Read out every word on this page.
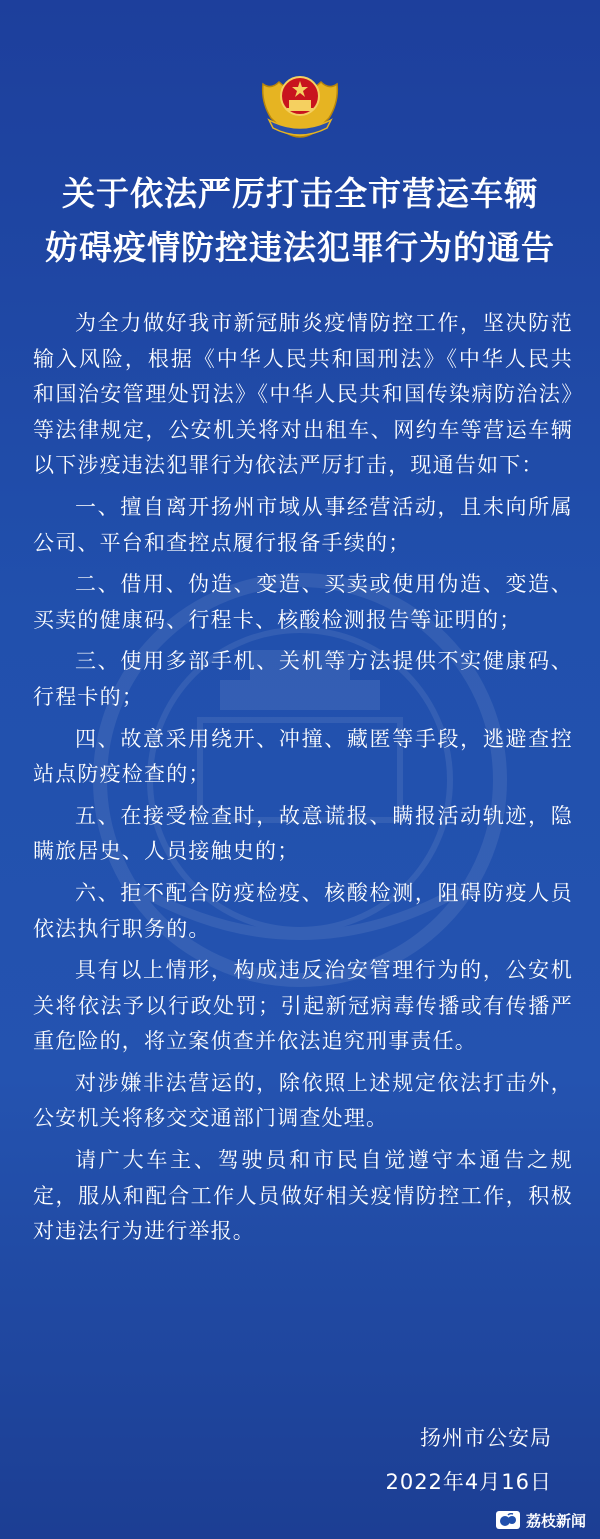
关于依法严厉打击全市营运车辆
妨碍疫情防控违法犯罪行为的通告

为全力做好我市新冠肺炎疫情防控工作，坚决防范输入风险，根据《中华人民共和国刑法》《中华人民共和国治安管理处罚法》《中华人民共和国传染病防治法》等法律规定，公安机关将对出租车、网约车等营运车辆以下涉疫违法犯罪行为依法严厉打击，现通告如下：

一、擅自离开扬州市域从事经营活动，且未向所属公司、平台和查控点履行报备手续的；

二、借用、伪造、变造、买卖或使用伪造、变造、买卖的健康码、行程卡、核酸检测报告等证明的；

三、使用多部手机、关机等方法提供不实健康码、行程卡的；

四、故意采用绕开、冲撞、藏匿等手段，逃避查控站点防疫检查的；

五、在接受检查时，故意谎报、瞒报活动轨迹，隐瞒旅居史、人员接触史的；

六、拒不配合防疫检疫、核酸检测，阻碍防疫人员依法执行职务的。

具有以上情形，构成违反治安管理行为的，公安机关将依法予以行政处罚；引起新冠病毒传播或有传播严重危险的，将立案侦查并依法追究刑事责任。

对涉嫌非法营运的，除依照上述规定依法打击外，公安机关将移交交通部门调查处理。

请广大车主、驾驶员和市民自觉遵守本通告之规定，服从和配合工作人员做好相关疫情防控工作，积极对违法行为进行举报。

扬州市公安局
2022年4月16日
荔枝新闻
